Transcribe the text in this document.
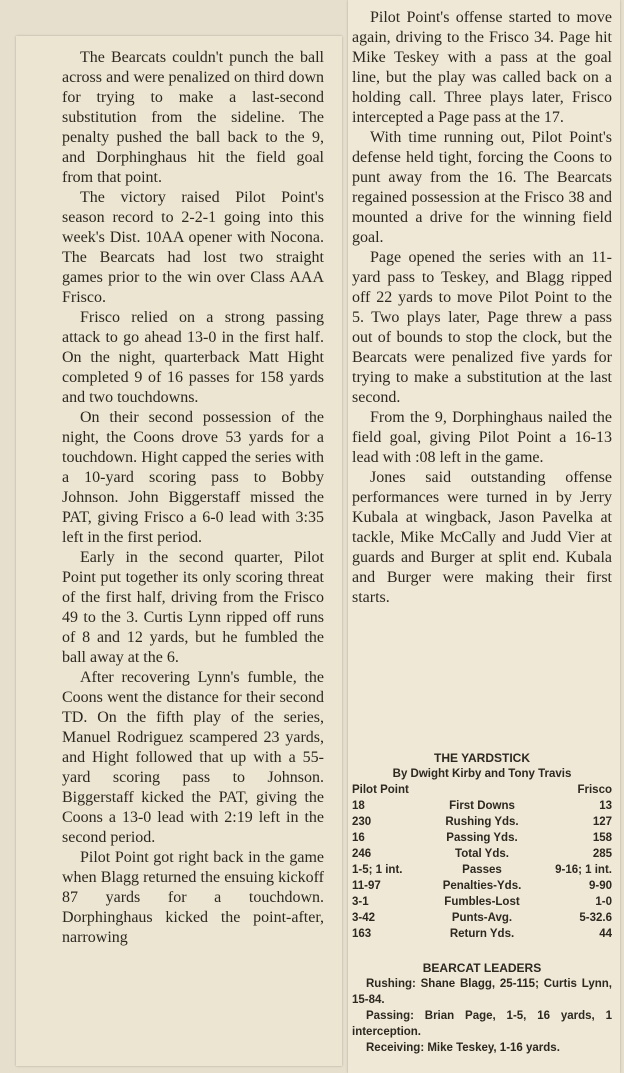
The Bearcats couldn't punch the ball across and were penalized on third down for trying to make a last-second substitution from the sideline. The penalty pushed the ball back to the 9, and Dorphinghaus hit the field goal from that point.

The victory raised Pilot Point's season record to 2-2-1 going into this week's Dist. 10AA opener with Nocona. The Bearcats had lost two straight games prior to the win over Class AAA Frisco.

Frisco relied on a strong passing attack to go ahead 13-0 in the first half. On the night, quarterback Matt Hight completed 9 of 16 passes for 158 yards and two touchdowns.

On their second possession of the night, the Coons drove 53 yards for a touchdown. Hight capped the series with a 10-yard scoring pass to Bobby Johnson. John Biggerstaff missed the PAT, giving Frisco a 6-0 lead with 3:35 left in the first period.

Early in the second quarter, Pilot Point put together its only scoring threat of the first half, driving from the Frisco 49 to the 3. Curtis Lynn ripped off runs of 8 and 12 yards, but he fumbled the ball away at the 6.

After recovering Lynn's fumble, the Coons went the distance for their second TD. On the fifth play of the series, Manuel Rodriguez scampered 23 yards, and Hight followed that up with a 55-yard scoring pass to Johnson. Biggerstaff kicked the PAT, giving the Coons a 13-0 lead with 2:19 left in the second period.

Pilot Point got right back in the game when Blagg returned the ensuing kickoff 87 yards for a touchdown. Dorphinghaus kicked the point-after, narrowing

Pilot Point's offense started to move again, driving to the Frisco 34. Page hit Mike Teskey with a pass at the goal line, but the play was called back on a holding call. Three plays later, Frisco intercepted a Page pass at the 17.

With time running out, Pilot Point's defense held tight, forcing the Coons to punt away from the 16. The Bearcats regained possession at the Frisco 38 and mounted a drive for the winning field goal.

Page opened the series with an 11-yard pass to Teskey, and Blagg ripped off 22 yards to move Pilot Point to the 5. Two plays later, Page threw a pass out of bounds to stop the clock, but the Bearcats were penalized five yards for trying to make a substitution at the last second.

From the 9, Dorphinghaus nailed the field goal, giving Pilot Point a 16-13 lead with :08 left in the game.

Jones said outstanding offense performances were turned in by Jerry Kubala at wingback, Jason Pavelka at tackle, Mike McCally and Judd Vier at guards and Burger at split end. Kubala and Burger were making their first starts.

THE YARDSTICK
By Dwight Kirby and Tony Travis
Pilot Point	Frisco
18	First Downs	13
230	Rushing Yds.	127
16	Passing Yds.	158
246	Total Yds.	285
1-5; 1 int.	Passes	9-16; 1 int.
11-97	Penalties-Yds.	9-90
3-1	Fumbles-Lost	1-0
3-42	Punts-Avg.	5-32.6
163	Return Yds.	44
BEARCAT LEADERS

Rushing: Shane Blagg, 25-115; Curtis Lynn, 15-84.

Passing: Brian Page, 1-5, 16 yards, 1 interception.

Receiving: Mike Teskey, 1-16 yards.
